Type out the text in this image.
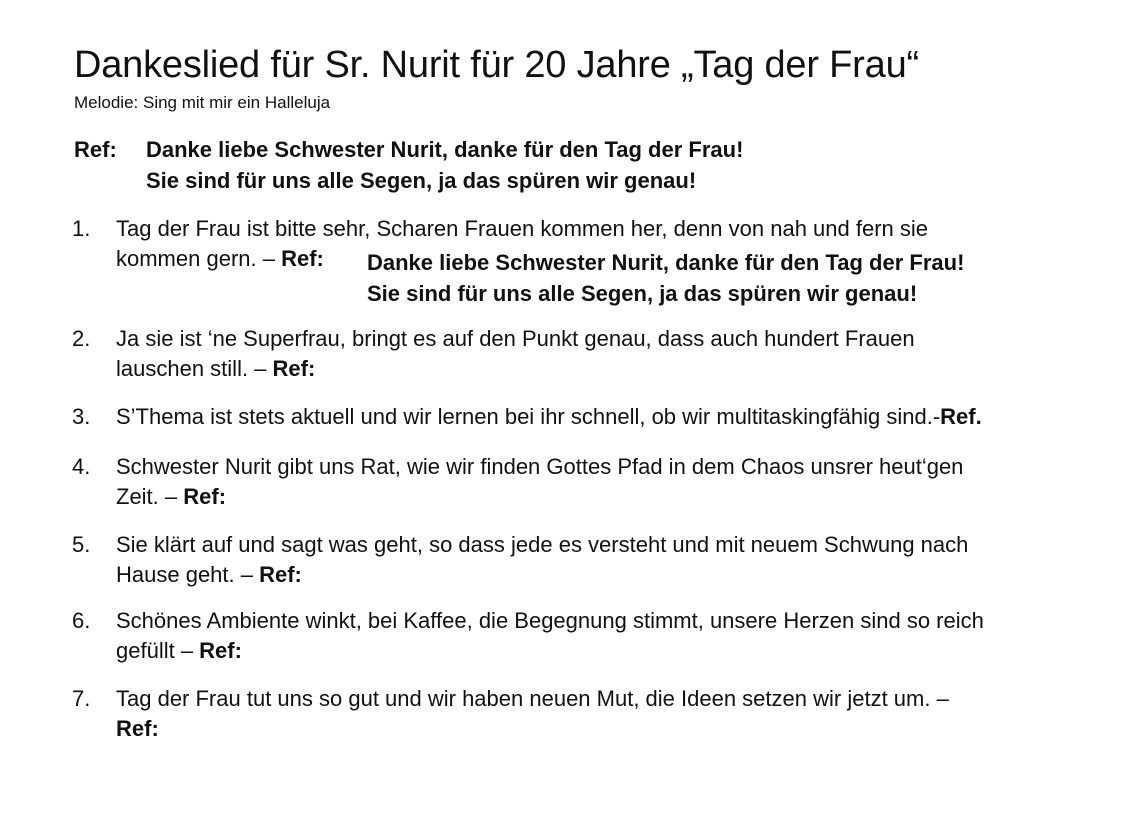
Dankeslied für Sr. Nurit für 20 Jahre „Tag der Frau“
Melodie: Sing mit mir ein Halleluja
Ref: Danke liebe Schwester Nurit, danke für den Tag der Frau!
Sie sind für uns alle Segen, ja das spüren wir genau!
1. Tag der Frau ist bitte sehr, Scharen Frauen kommen her, denn von nah und fern sie
kommen gern. – Ref:	Danke liebe Schwester Nurit, danke für den Tag der Frau!
Sie sind für uns alle Segen, ja das spüren wir genau!
2. Ja sie ist ‘ne Superfrau, bringt es auf den Punkt genau, dass auch hundert Frauen
lauschen still. – Ref:
3. S’Thema ist stets aktuell und wir lernen bei ihr schnell, ob wir multitaskingfähig sind.-Ref.
4. Schwester Nurit gibt uns Rat, wie wir finden Gottes Pfad in dem Chaos unsrer heut‘gen
Zeit. – Ref:
5. Sie klärt auf und sagt was geht, so dass jede es versteht und mit neuem Schwung nach
Hause geht. – Ref:
6. Schönes Ambiente winkt, bei Kaffee, die Begegnung stimmt, unsere Herzen sind so reich
gefüllt – Ref:
7. Tag der Frau tut uns so gut und wir haben neuen Mut, die Ideen setzen wir jetzt um. –
Ref:
